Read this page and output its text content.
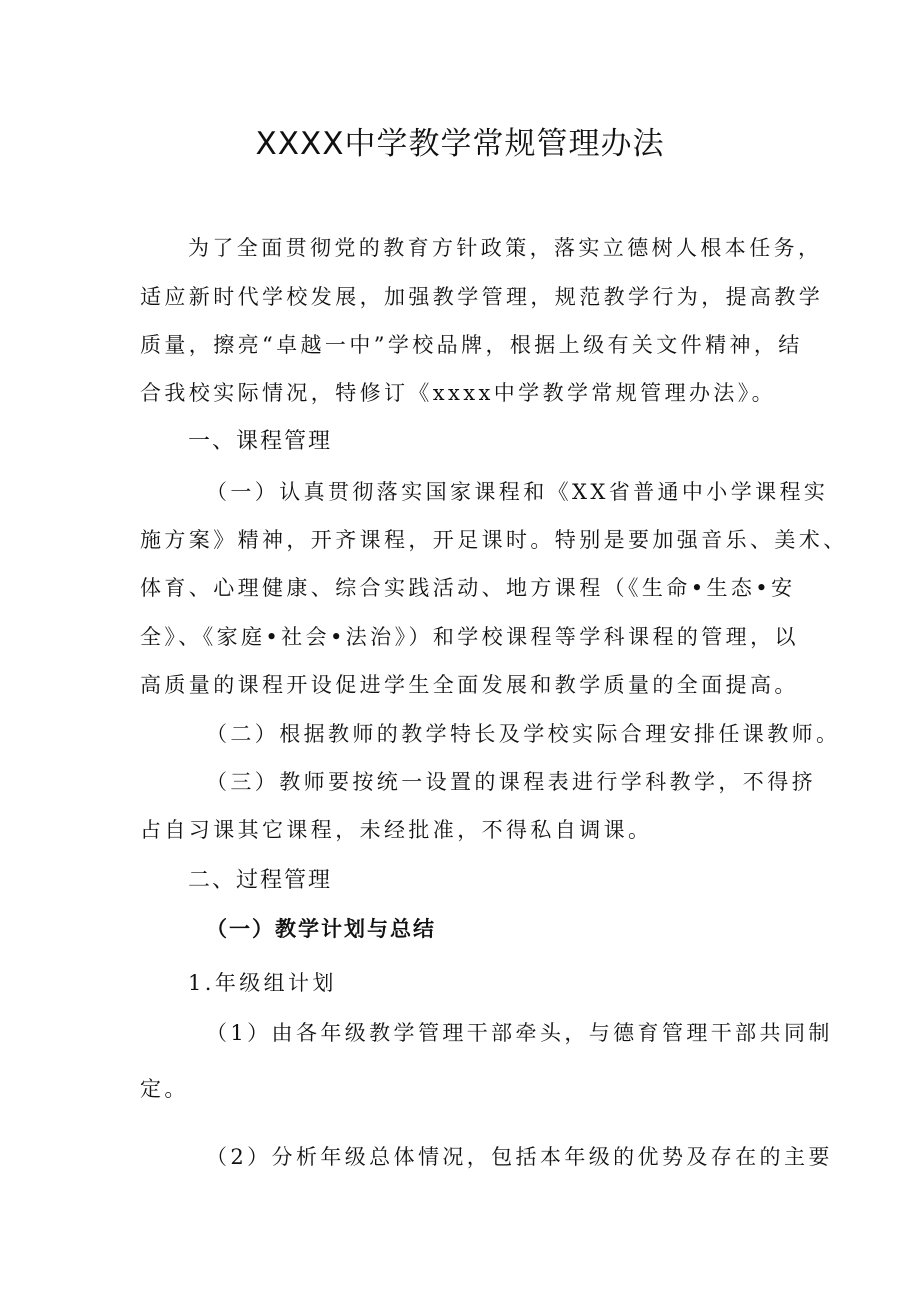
XXXX中学教学常规管理办法

为了全面贯彻党的教育方针政策，落实立德树人根本任务，

适应新时代学校发展，加强教学管理，规范教学行为，提高教学

质量，擦亮“卓越一中”学校品牌，根据上级有关文件精神，结

合我校实际情况，特修订《xxxx中学教学常规管理办法》。

一、课程管理

（一）认真贯彻落实国家课程和《XX省普通中小学课程实

施方案》精神，开齐课程，开足课时。特别是要加强音乐、美术、

体育、心理健康、综合实践活动、地方课程（《生命•生态•安

全》、《家庭•社会•法治》）和学校课程等学科课程的管理，以

高质量的课程开设促进学生全面发展和教学质量的全面提高。

（二）根据教师的教学特长及学校实际合理安排任课教师。

（三）教师要按统一设置的课程表进行学科教学，不得挤

占自习课其它课程，未经批准，不得私自调课。

二、过程管理
（一）教学计划与总结

1.年级组计划

（1）由各年级教学管理干部牵头，与德育管理干部共同制

定。

（2）分析年级总体情况，包括本年级的优势及存在的主要
